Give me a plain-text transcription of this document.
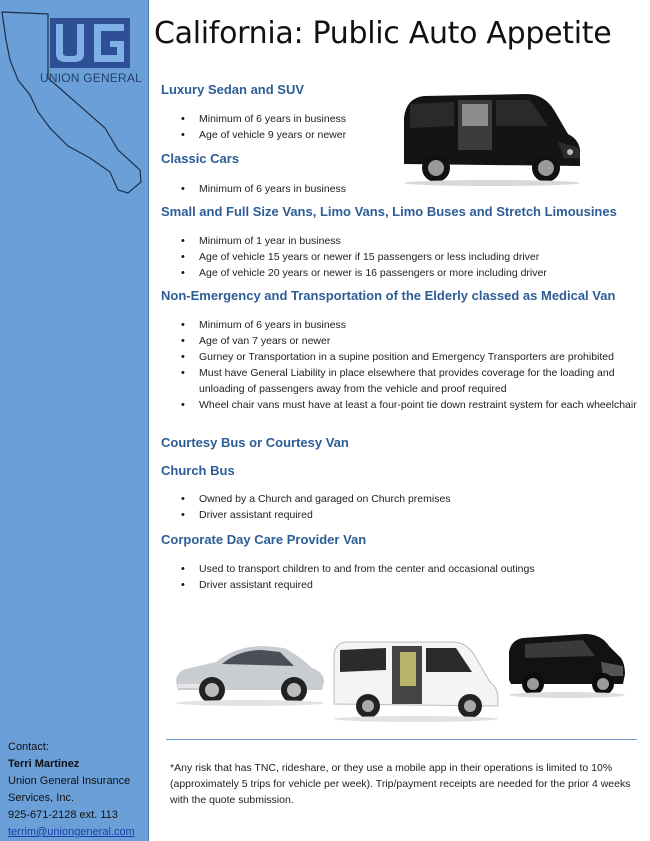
UNION GENERAL
Contact:
Terri Martinez
Union General Insurance Services, Inc.
925-671-2128 ext. 113
terrim@uniongeneral.com
California: Public Auto Appetite
Luxury Sedan and SUV
• Minimum of 6 years in business
• Age of vehicle 9 years or newer
Classic Cars
• Minimum of 6 years in business
Small and Full Size Vans, Limo Vans, Limo Buses and Stretch Limousines
• Minimum of 1 year in business
• Age of vehicle 15 years or newer if 15 passengers or less including driver
• Age of vehicle 20 years or newer is 16 passengers or more including driver
Non-Emergency and Transportation of the Elderly classed as Medical Van
• Minimum of 6 years in business
• Age of van 7 years or newer
• Gurney or Transportation in a supine position and Emergency Transporters are prohibited
• Must have General Liability in place elsewhere that provides coverage for the loading and unloading of passengers away from the vehicle and proof required
• Wheel chair vans must have at least a four-point tie down restraint system for each wheelchair
Courtesy Bus or Courtesy Van
Church Bus
• Owned by a Church and garaged on Church premises
• Driver assistant required
Corporate Day Care Provider Van
• Used to transport children to and from the center and occasional outings
• Driver assistant required
*Any risk that has TNC, rideshare, or they use a mobile app in their operations is limited to 10% (approximately 5 trips for vehicle per week). Trip/payment receipts are needed for the prior 4 weeks with the quote submission.
